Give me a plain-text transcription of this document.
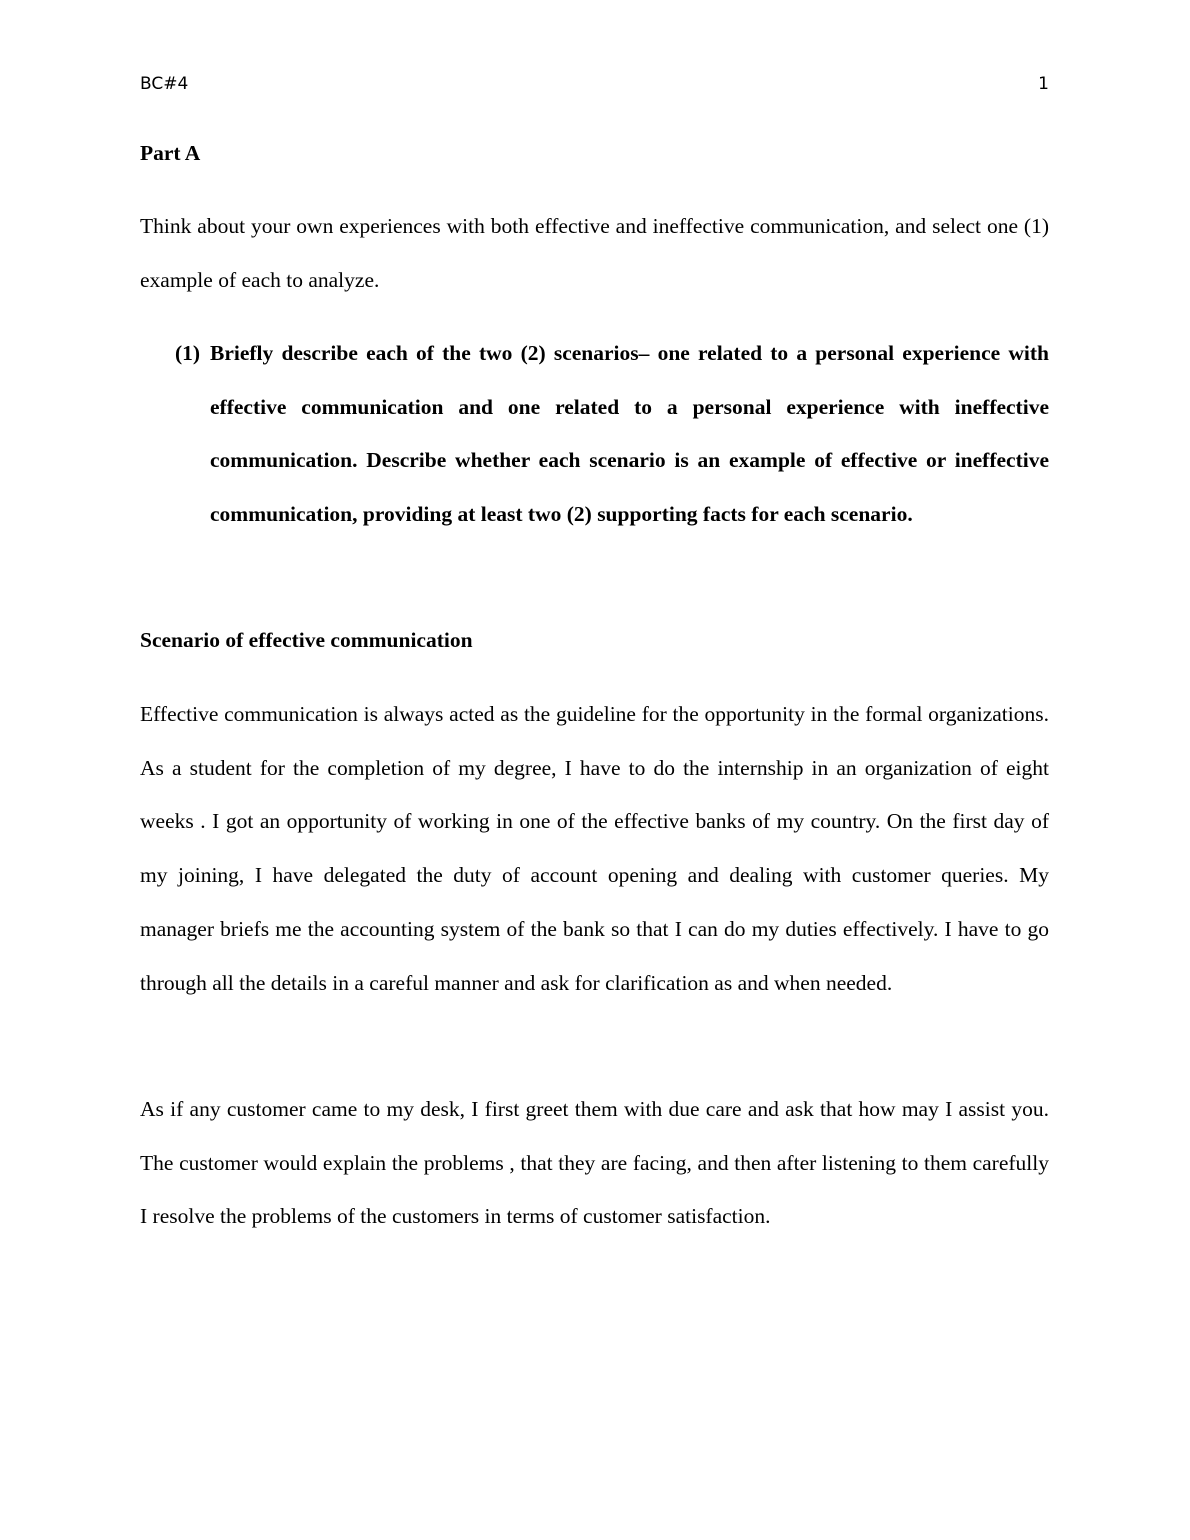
BC#4	1
Part A

Think about your own experiences with both effective and ineffective communication, and select one (1) example of each to analyze.

(1) Briefly describe each of the two (2) scenarios– one related to a personal experience with effective communication and one related to a personal experience with ineffective communication. Describe whether each scenario is an example of effective or ineffective communication, providing at least two (2) supporting facts for each scenario.
Scenario of effective communication

Effective communication is always acted as the guideline for the opportunity in the formal organizations. As a student for the completion of my degree, I have to do the internship in an organization of eight weeks . I got an opportunity of working in one of the effective banks of my country. On the first day of my joining, I have delegated the duty of account opening and dealing with customer queries. My manager briefs me the accounting system of the bank so that I can do my duties effectively. I have to go through all the details in a careful manner and ask for clarification as and when needed.

As if any customer came to my desk, I first greet them with due care and ask that how may I assist you. The customer would explain the problems , that they are facing, and then after listening to them carefully I resolve the problems of the customers in terms of customer satisfaction.
